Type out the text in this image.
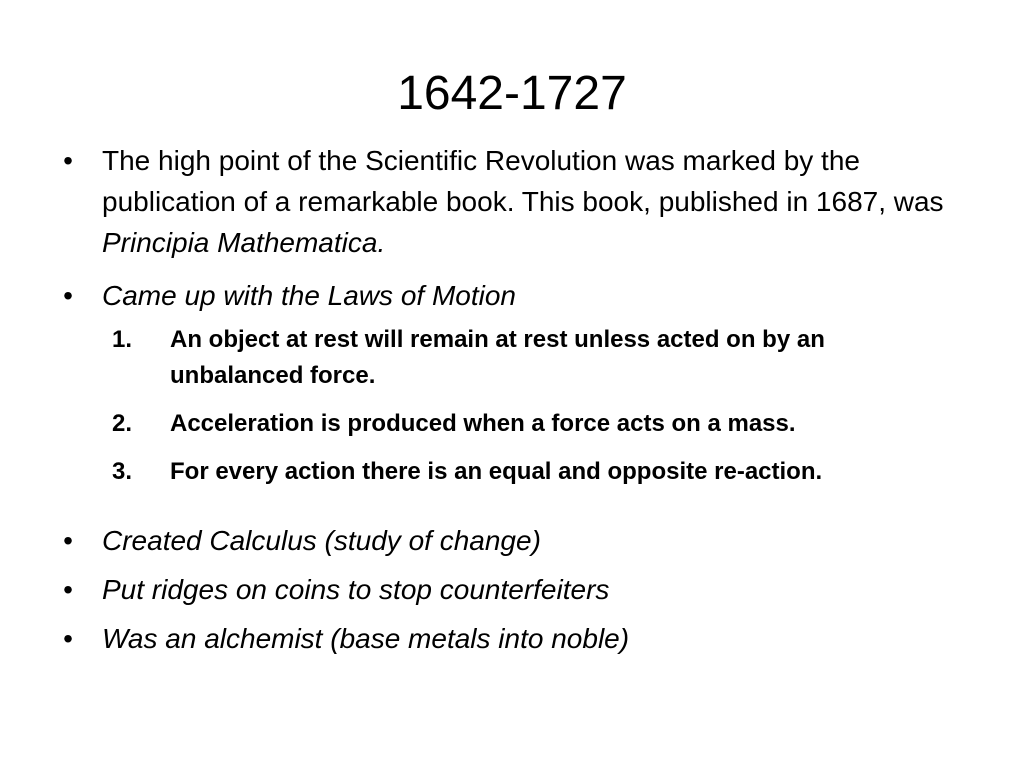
1642-1727
• The high point of the Scientific Revolution was marked by the publication of a remarkable book. This book, published in 1687, was Principia Mathematica.
• Came up with the Laws of Motion
1. An object at rest will remain at rest unless acted on by an unbalanced force.
2. Acceleration is produced when a force acts on a mass.
3. For every action there is an equal and opposite re-action.
• Created Calculus (study of change)
• Put ridges on coins to stop counterfeiters
• Was an alchemist (base metals into noble)
